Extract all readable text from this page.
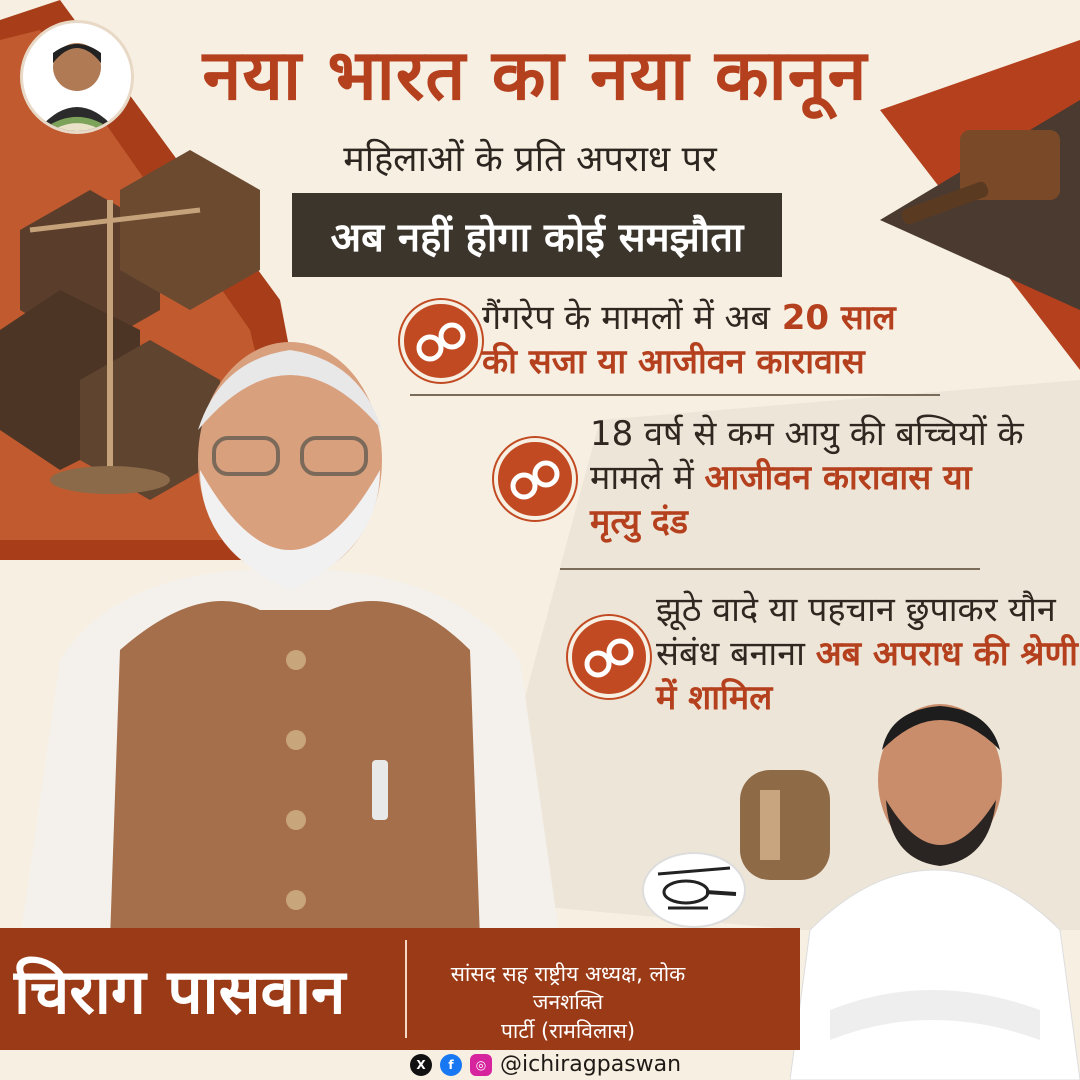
नया भारत का नया कानून
महिलाओं के प्रति अपराध पर
अब नहीं होगा कोई समझौता
गैंगरेप के मामलों में अब 20 साल
की सजा या आजीवन कारावास
18 वर्ष से कम आयु की बच्चियों के
मामले में आजीवन कारावास या
मृत्यु दंड
झूठे वादे या पहचान छुपाकर यौन
संबंध बनाना अब अपराध की श्रेणी
में शामिल
चिराग पासवान	सांसद सह राष्ट्रीय अध्यक्ष, लोक जनशक्ति
पार्टी (रामविलास)
X	f	◎ @ichiragpaswan
